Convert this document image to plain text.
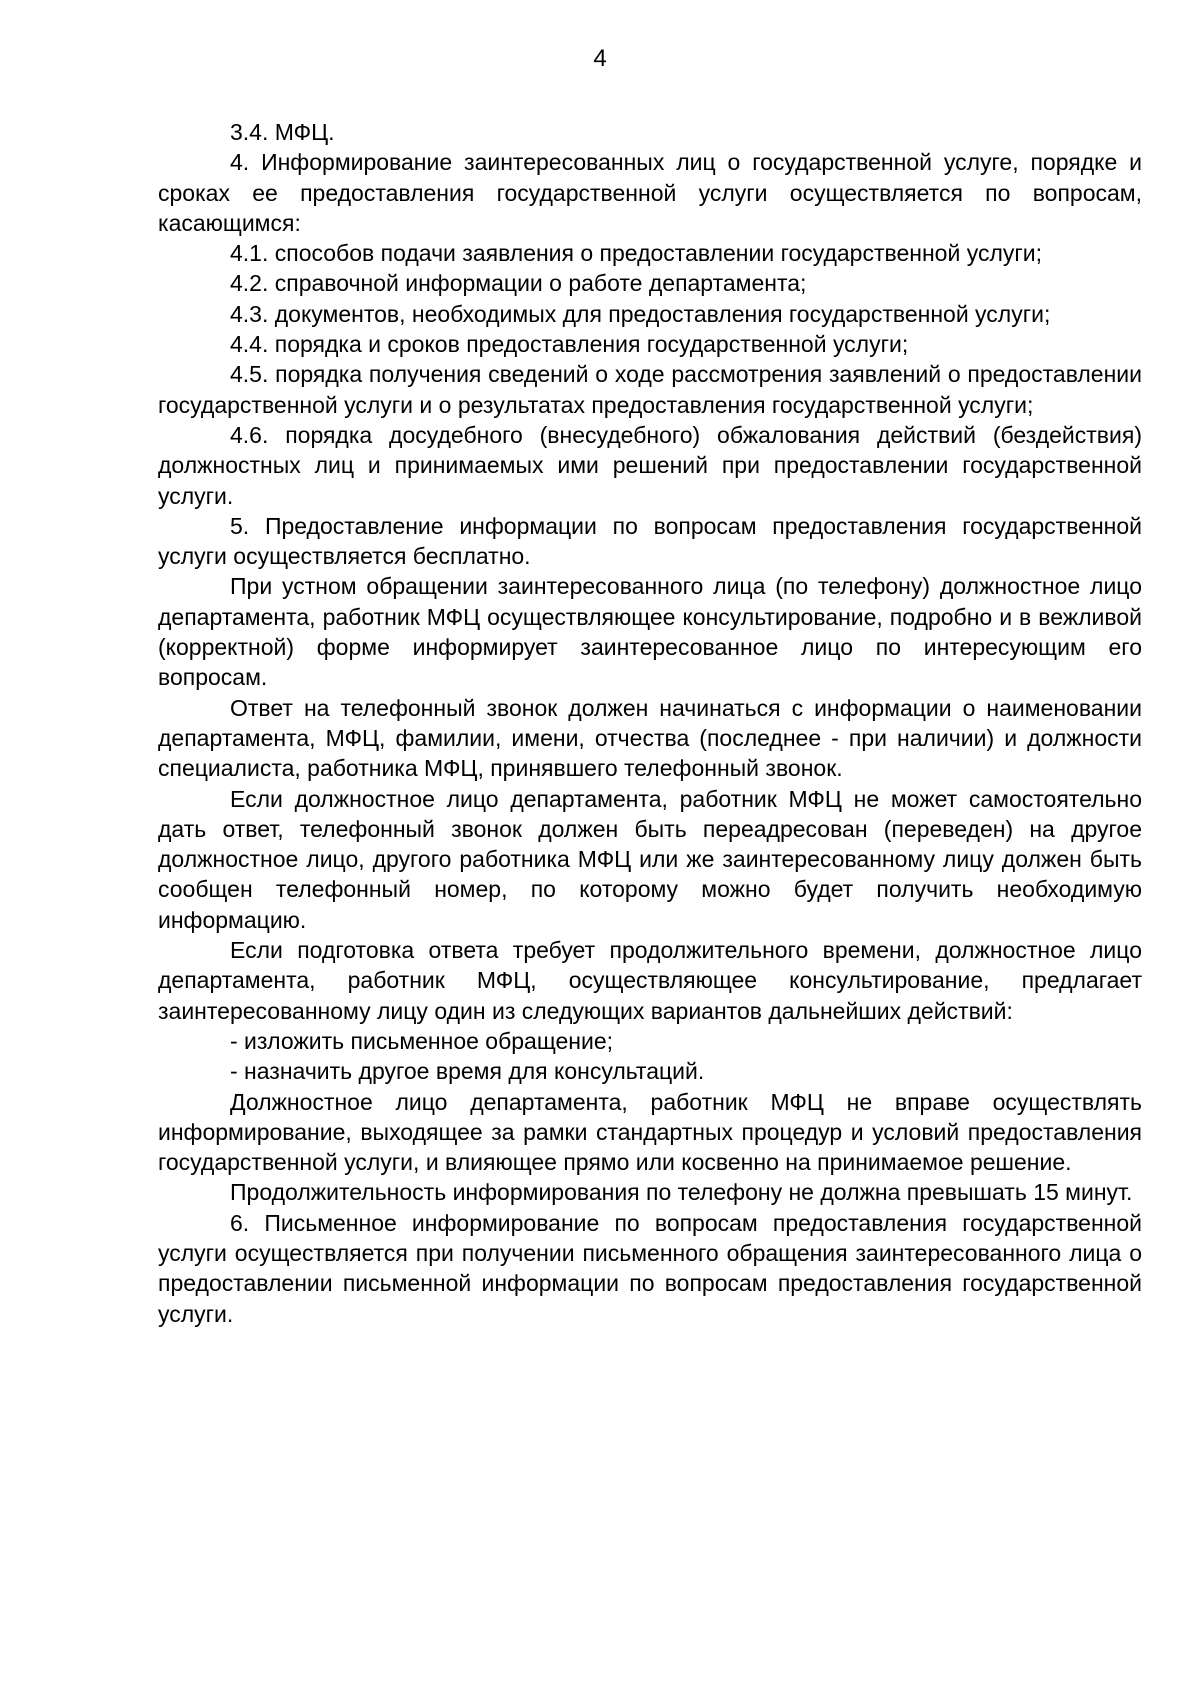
4

3.4. МФЦ.

4. Информирование заинтересованных лиц о государственной услуге, порядке и сроках ее предоставления государственной услуги осуществляется по вопросам, касающимся:

4.1. способов подачи заявления о предоставлении государственной услуги;

4.2. справочной информации о работе департамента;

4.3. документов, необходимых для предоставления государственной услуги;

4.4. порядка и сроков предоставления государственной услуги;

4.5. порядка получения сведений о ходе рассмотрения заявлений о предоставлении государственной услуги и о результатах предоставления государственной услуги;

4.6. порядка досудебного (внесудебного) обжалования действий (бездействия) должностных лиц и принимаемых ими решений при предоставлении государственной услуги.

5. Предоставление информации по вопросам предоставления государственной услуги осуществляется бесплатно.

При устном обращении заинтересованного лица (по телефону) должностное лицо департамента, работник МФЦ осуществляющее консультирование, подробно и в вежливой (корректной) форме информирует заинтересованное лицо по интересующим его вопросам.

Ответ на телефонный звонок должен начинаться с информации о наименовании департамента, МФЦ, фамилии, имени, отчества (последнее - при наличии) и должности специалиста, работника МФЦ, принявшего телефонный звонок.

Если должностное лицо департамента, работник МФЦ не может самостоятельно дать ответ, телефонный звонок должен быть переадресован (переведен) на другое должностное лицо, другого работника МФЦ или же заинтересованному лицу должен быть сообщен телефонный номер, по которому можно будет получить необходимую информацию.

Если подготовка ответа требует продолжительного времени, должностное лицо департамента, работник МФЦ, осуществляющее консультирование, предлагает заинтересованному лицу один из следующих вариантов дальнейших действий:

- изложить письменное обращение;

- назначить другое время для консультаций.

Должностное лицо департамента, работник МФЦ не вправе осуществлять информирование, выходящее за рамки стандартных процедур и условий предоставления государственной услуги, и влияющее прямо или косвенно на принимаемое решение.

Продолжительность информирования по телефону не должна превышать 15 минут.

6. Письменное информирование по вопросам предоставления государственной услуги осуществляется при получении письменного обращения заинтересованного лица о предоставлении письменной информации по вопросам предоставления государственной услуги.
